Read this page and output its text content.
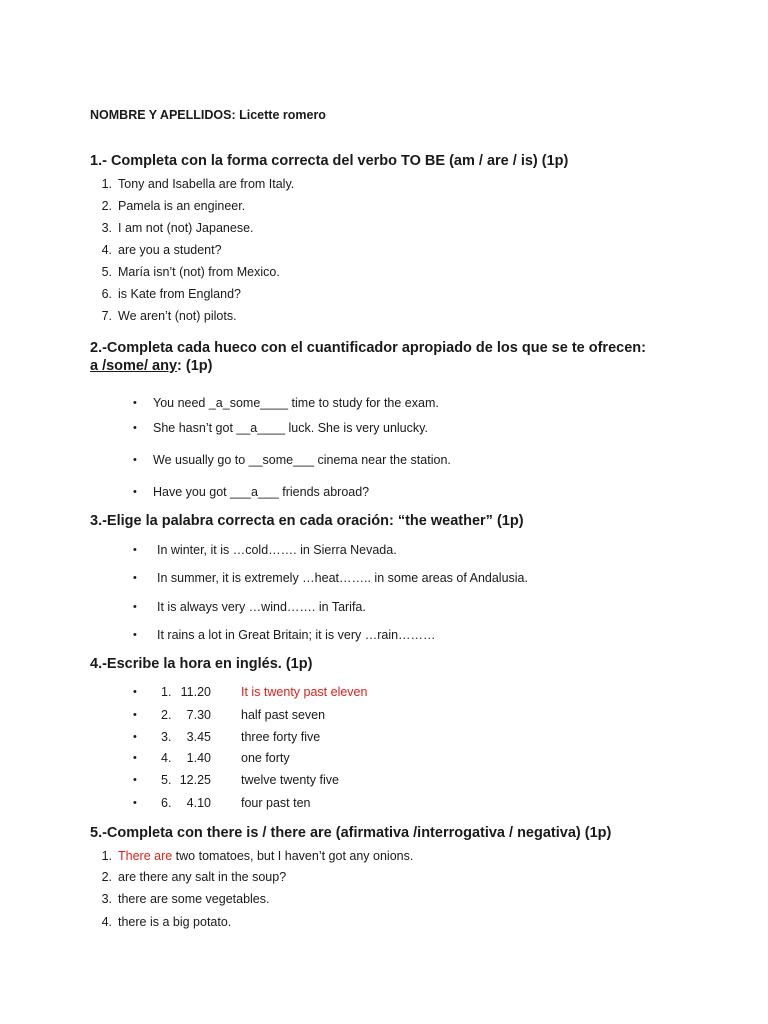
NOMBRE Y APELLIDOS: Licette romero
1.- Completa con la forma correcta del verbo TO BE (am / are / is) (1p)
1. Tony and Isabella are from Italy.
2. Pamela is an engineer.
3. I am not (not) Japanese.
4. are you a student?
5. María isn’t (not) from Mexico.
6. is Kate from England?
7. We aren’t (not) pilots.
2.-Completa cada hueco con el cuantificador apropiado de los que se te ofrecen:
a /some/ any: (1p)
• You need _a_some____ time to study for the exam.
• She hasn’t got __a____ luck. She is very unlucky.
• We usually go to __some___ cinema near the station.
• Have you got ___a___ friends abroad?
3.-Elige la palabra correcta en cada oración: “the weather” (1p)
• In winter, it is …cold……. in Sierra Nevada.
• In summer, it is extremely …heat…….. in some areas of Andalusia.
• It is always very …wind……. in Tarifa.
• It rains a lot in Great Britain; it is very …rain………
4.-Escribe la hora en inglés. (1p)
• 1. 11.20 It is twenty past eleven
• 2.	7.30 half past seven
• 3.	3.45 three forty five
• 4.	1.40 one forty
• 5. 12.25 twelve twenty five
• 6.	4.10 four past ten
5.-Completa con there is / there are (afirmativa /interrogativa / negativa) (1p)
1. There are two tomatoes, but I haven’t got any onions.
2. are there any salt in the soup?
3. there are some vegetables.
4. there is a big potato.
